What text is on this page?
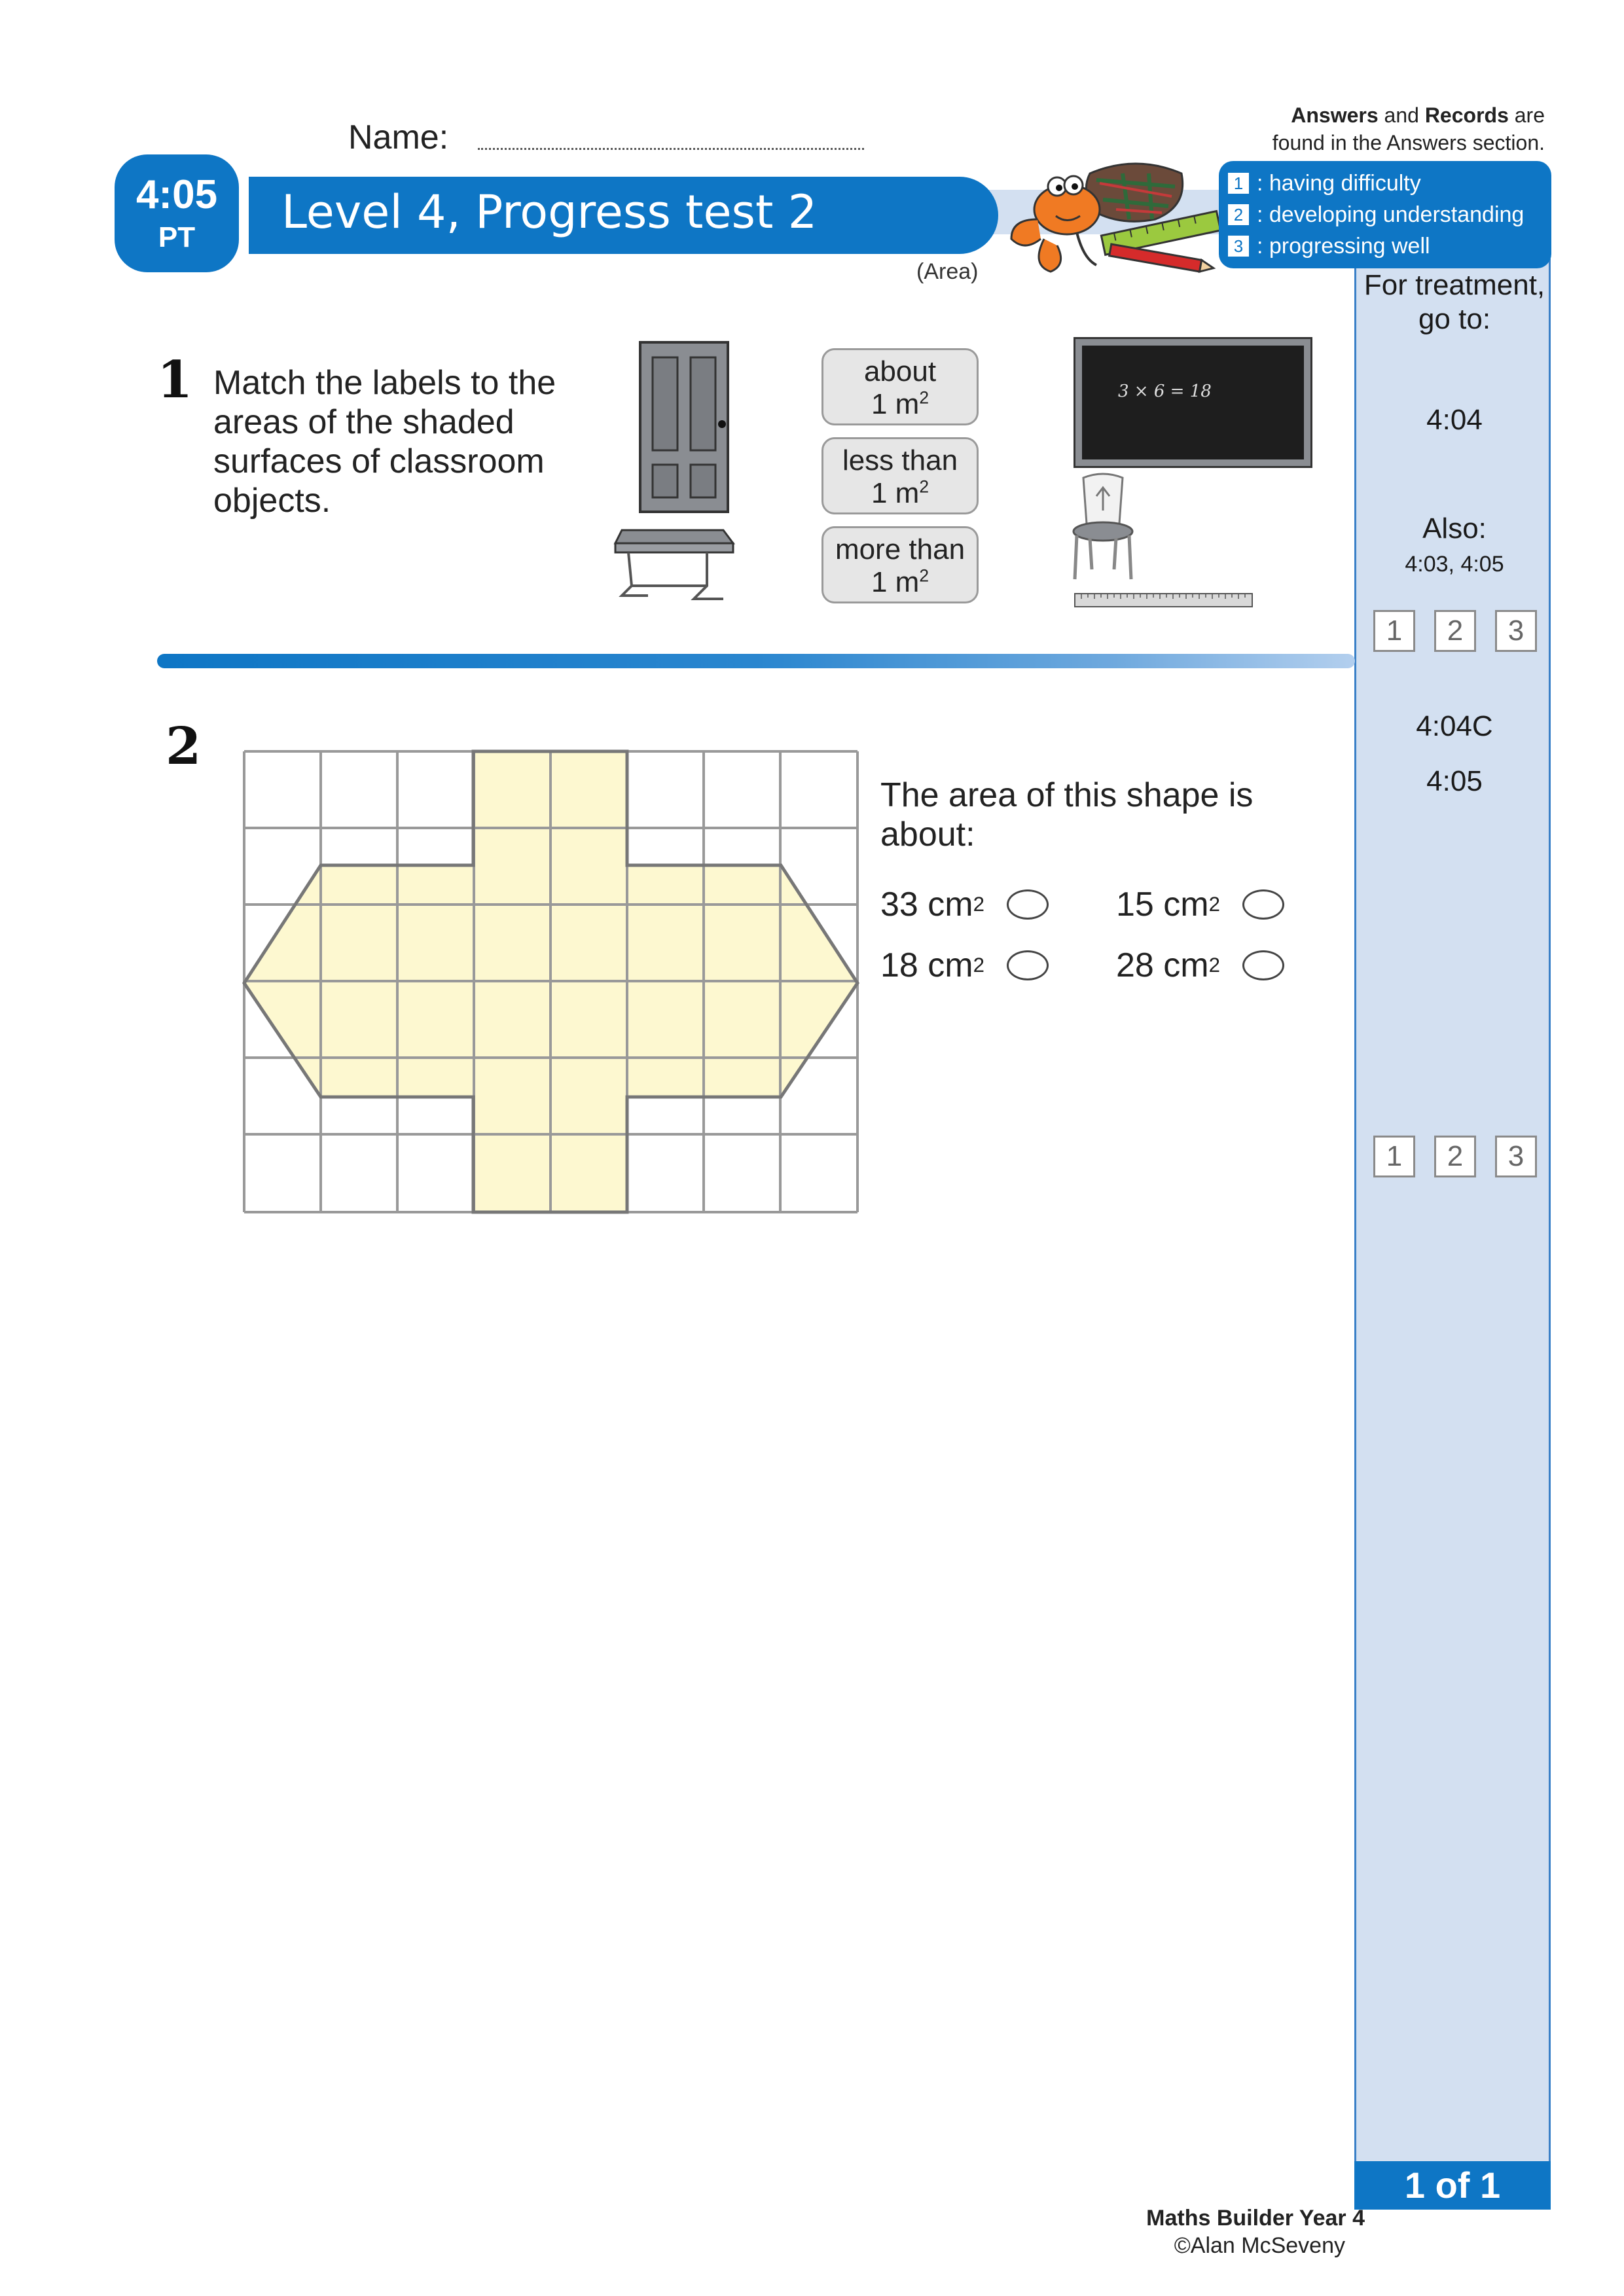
For treatment, go to:
4:04
Also:
4:03, 4:05
1	2	3
4:04C
4:05
1	2	3
1 of 1
Name:
Answers and Records are
found in the Answers section.
Level 4, Progress test 2
4:05
PT
(Area)
1 : having difficulty
2 : developing understanding
3 : progressing well
1 Match the labels to the areas of the shaded surfaces of classroom objects.
about
1 $m^2$
less than
1 $m^2$
more than
1 $m^2$
3 × 6 = 18
2
The area of this shape is about:
33 cm 2	15 cm 2
18 cm 2	28 cm 2
Maths Builder Year 4
©Alan McSeveny
